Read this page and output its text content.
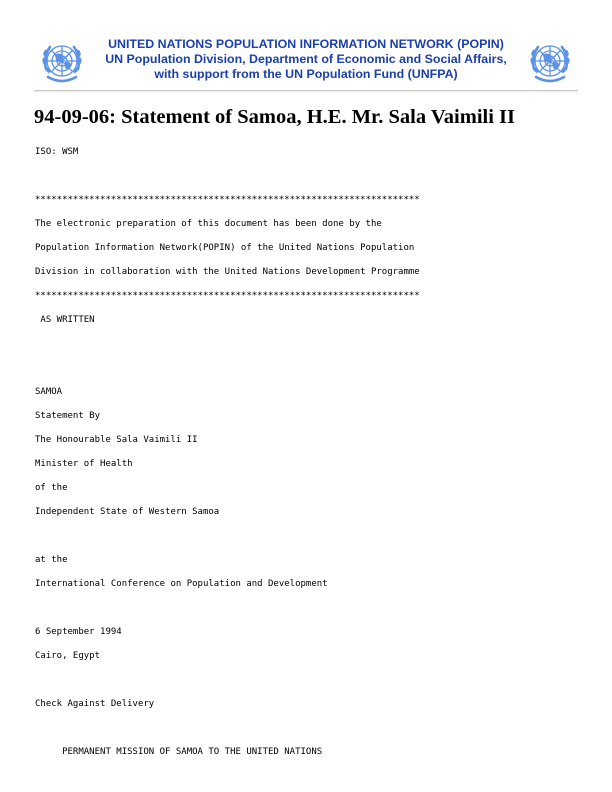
UNITED NATIONS POPULATION INFORMATION NETWORK (POPIN)
UN Population Division, Department of Economic and Social Affairs,
with support from the UN Population Fund (UNFPA)
94-09-06: Statement of Samoa, H.E. Mr. Sala Vaimili II
ISO: WSM
***********************************************************************
The electronic preparation of this document has been done by the
Population Information Network(POPIN) of the United Nations Population
Division in collaboration with the United Nations Development Programme
***********************************************************************
AS WRITTEN
SAMOA
Statement By
The Honourable Sala Vaimili II
Minister of Health
of the
Independent State of Western Samoa
at the
International Conference on Population and Development
6 September 1994
Cairo, Egypt
Check Against Delivery
PERMANENT MISSION OF SAMOA TO THE UNITED NATIONS
